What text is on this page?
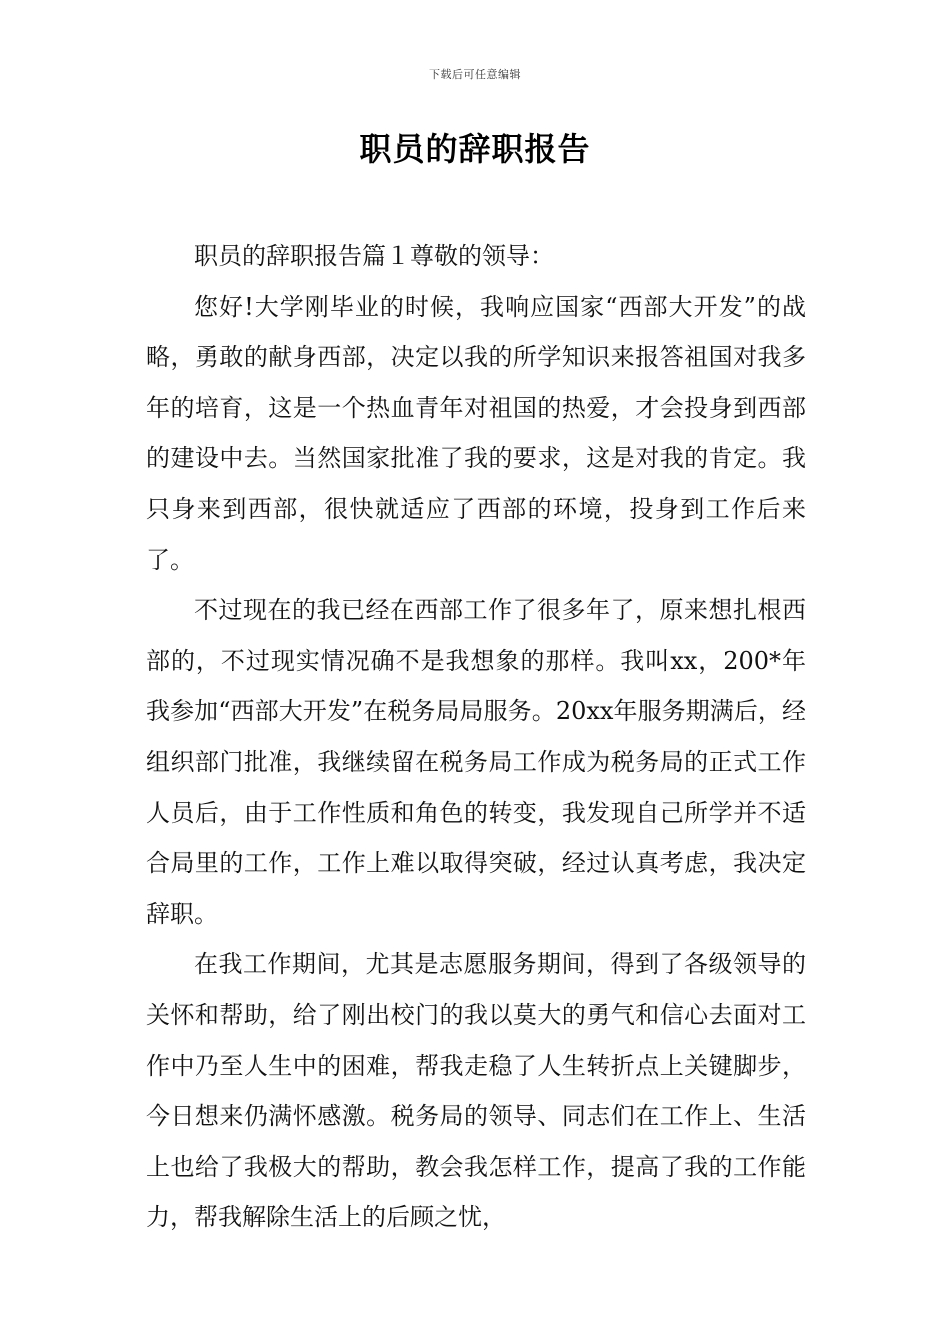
下载后可任意编辑
职员的辞职报告

职员的辞职报告篇１尊敬的领导：

您好!大学刚毕业的时候，我响应国家“西部大开发”的战略，勇敢的献身西部，决定以我的所学知识来报答祖国对我多年的培育，这是一个热血青年对祖国的热爱，才会投身到西部的建设中去。当然国家批准了我的要求，这是对我的肯定。我只身来到西部，很快就适应了西部的环境，投身到工作后来了。

不过现在的我已经在西部工作了很多年了，原来想扎根西部的，不过现实情况确不是我想象的那样。我叫xx，200*年我参加“西部大开发”在税务局局服务。20xx年服务期满后，经组织部门批准，我继续留在税务局工作成为税务局的正式工作人员后，由于工作性质和角色的转变，我发现自己所学并不适合局里的工作，工作上难以取得突破，经过认真考虑，我决定辞职。

在我工作期间，尤其是志愿服务期间，得到了各级领导的关怀和帮助，给了刚出校门的我以莫大的勇气和信心去面对工作中乃至人生中的困难，帮我走稳了人生转折点上关键脚步，今日想来仍满怀感激。税务局的领导、同志们在工作上、生活上也给了我极大的帮助，教会我怎样工作，提高了我的工作能力，帮我解除生活上的后顾之忧，
